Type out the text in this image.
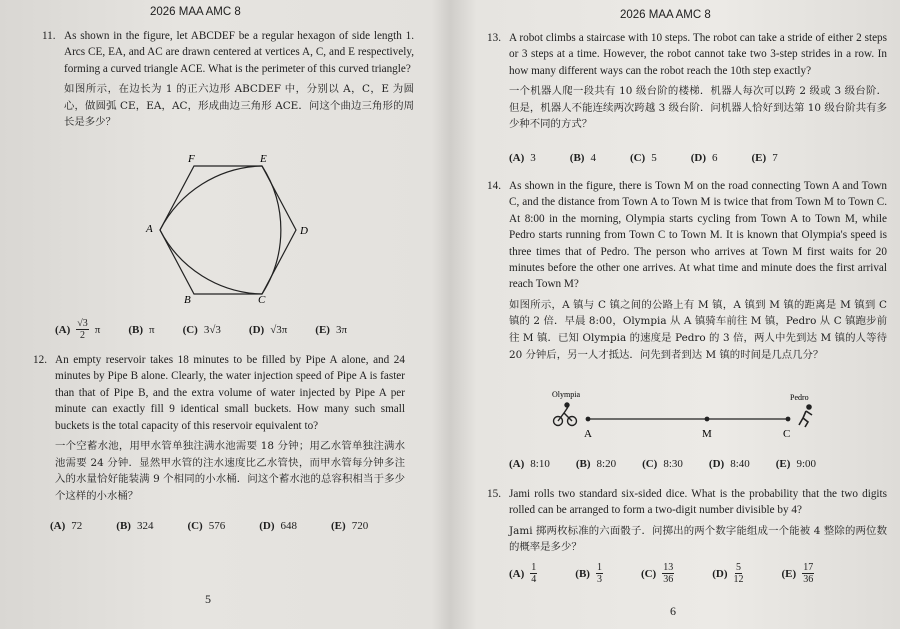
2026 MAA AMC 8
11. As shown in the figure, let ABCDEF be a regular hexagon of side length 1. Arcs CE, EA, and AC are drawn centered at vertices A, C, and E respectively, forming a curved triangle ACE. What is the perimeter of this curved triangle?
如图所示，在边长为 1 的正六边形 ABCDEF 中，分别以 A，C，E 为圆心，做圆弧 CE，EA，AC，形成曲边三角形 ACE．问这个曲边三角形的周长是多少？
F	E
A	D
B	C
$(A) \frac{√3}{2}$ π	(B) π	(C) 3√3	(D) √3π	(E) 3π
12. An empty reservoir takes 18 minutes to be filled by Pipe A alone, and 24 minutes by Pipe B alone. Clearly, the water injection speed of Pipe A is faster than that of Pipe B, and the extra volume of water injected by Pipe A per minute can exactly fill 9 identical small buckets. How many such small buckets is the total capacity of this reservoir equivalent to?
一个空蓄水池，用甲水管单独注满水池需要 18 分钟；用乙水管单独注满水池需要 24 分钟．显然甲水管的注水速度比乙水管快，而甲水管每分钟多注入的水量恰好能装满 9 个相同的小水桶．问这个蓄水池的总容积相当于多少个这样的小水桶？
(A) 72	(B) 324	(C) 576	(D) 648	(E) 720
5
2026 MAA AMC 8
13. A robot climbs a staircase with 10 steps. The robot can take a stride of either 2 steps or 3 steps at a time. However, the robot cannot take two 3-step strides in a row. In how many different ways can the robot reach the 10th step exactly?
一个机器人爬一段共有 10 级台阶的楼梯．机器人每次可以跨 2 级或 3 级台阶．但是，机器人不能连续两次跨越 3 级台阶．问机器人恰好到达第 10 级台阶共有多少种不同的方式？
(A) 3	(B) 4	(C) 5	(D) 6	(E) 7
14. As shown in the figure, there is Town M on the road connecting Town A and Town C, and the distance from Town A to Town M is twice that from Town M to Town C. At 8:00 in the morning, Olympia starts cycling from Town A to Town M, while Pedro starts running from Town C to Town M. It is known that Olympia's speed is three times that of Pedro. The person who arrives at Town M first waits for 20 minutes before the other one arrives. At what time and minute does the first arrival reach Town M?
如图所示，A 镇与 C 镇之间的公路上有 M 镇，A 镇到 M 镇的距离是 M 镇到 C 镇的 2 倍．早晨 8:00，Olympia 从 A 镇骑车前往 M 镇，Pedro 从 C 镇跑步前往 M 镇．已知 Olympia 的速度是 Pedro 的 3 倍，两人中先到达 M 镇的人等待 20 分钟后，另一人才抵达．问先到者到达 M 镇的时间是几点几分？
Olympia
A	M	C
Pedro
(A) 8:10 (B) 8:20 (C) 8:30 (D) 8:40 (E) 9:00
15. Jami rolls two standard six-sided dice. What is the probability that the two digits rolled can be arranged to form a two-digit number divisible by 4?
Jami 掷两枚标准的六面骰子．问掷出的两个数字能组成一个能被 4 整除的两位数的概率是多少？
$(A) \frac{1}{4}$	$(B) \frac{1}{3}$	$(C) \frac{13}{36}$	$(D) \frac{5}{12}$	$(E) \frac{17}{36}$
6
